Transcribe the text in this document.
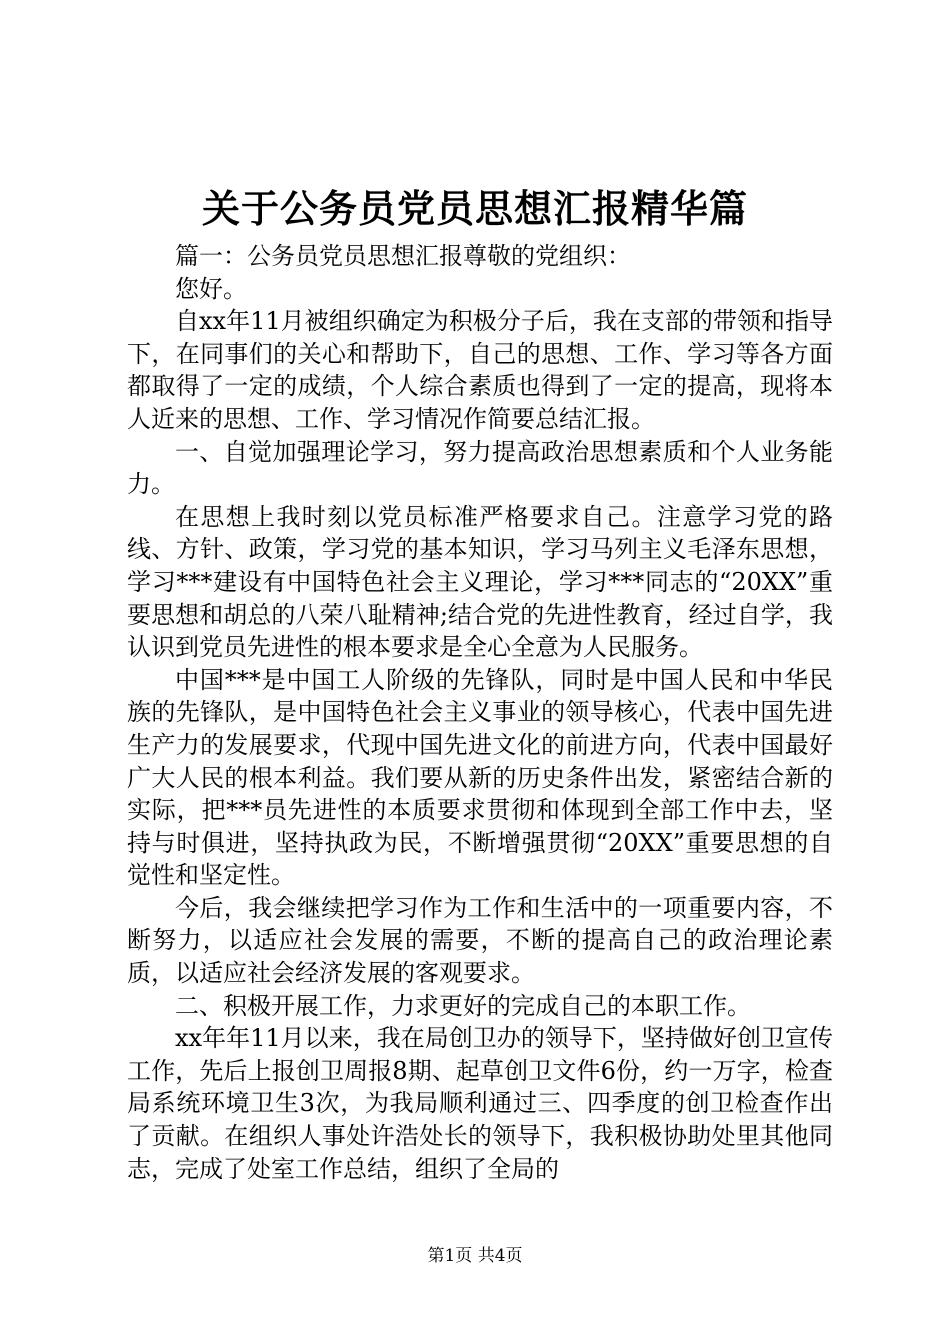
关于公务员党员思想汇报精华篇

篇一：公务员党员思想汇报尊敬的党组织：

您好。

自xx年11月被组织确定为积极分子后，我在支部的带领和指导下，在同事们的关心和帮助下，自己的思想、工作、学习等各方面都取得了一定的成绩，个人综合素质也得到了一定的提高，现将本人近来的思想、工作、学习情况作简要总结汇报。

一、自觉加强理论学习，努力提高政治思想素质和个人业务能力。

在思想上我时刻以党员标准严格要求自己。注意学习党的路线、方针、政策，学习党的基本知识，学习马列主义毛泽东思想，学习***建设有中国特色社会主义理论，学习***同志的“20XX”重要思想和胡总的八荣八耻精神;结合党的先进性教育，经过自学，我认识到党员先进性的根本要求是全心全意为人民服务。

中国***是中国工人阶级的先锋队，同时是中国人民和中华民族的先锋队，是中国特色社会主义事业的领导核心，代表中国先进生产力的发展要求，代现中国先进文化的前进方向，代表中国最好广大人民的根本利益。我们要从新的历史条件出发，紧密结合新的实际，把***员先进性的本质要求贯彻和体现到全部工作中去，坚持与时俱进，坚持执政为民，不断增强贯彻“20XX”重要思想的自觉性和坚定性。

今后，我会继续把学习作为工作和生活中的一项重要内容，不断努力，以适应社会发展的需要，不断的提高自己的政治理论素质，以适应社会经济发展的客观要求。

二、积极开展工作，力求更好的完成自己的本职工作。

xx年年11月以来，我在局创卫办的领导下，坚持做好创卫宣传工作，先后上报创卫周报8期、起草创卫文件6份，约一万字，检查局系统环境卫生3次，为我局顺利通过三、四季度的创卫检查作出了贡献。在组织人事处许浩处长的领导下，我积极协助处里其他同志，完成了处室工作总结，组织了全局的

第1页 共4页
